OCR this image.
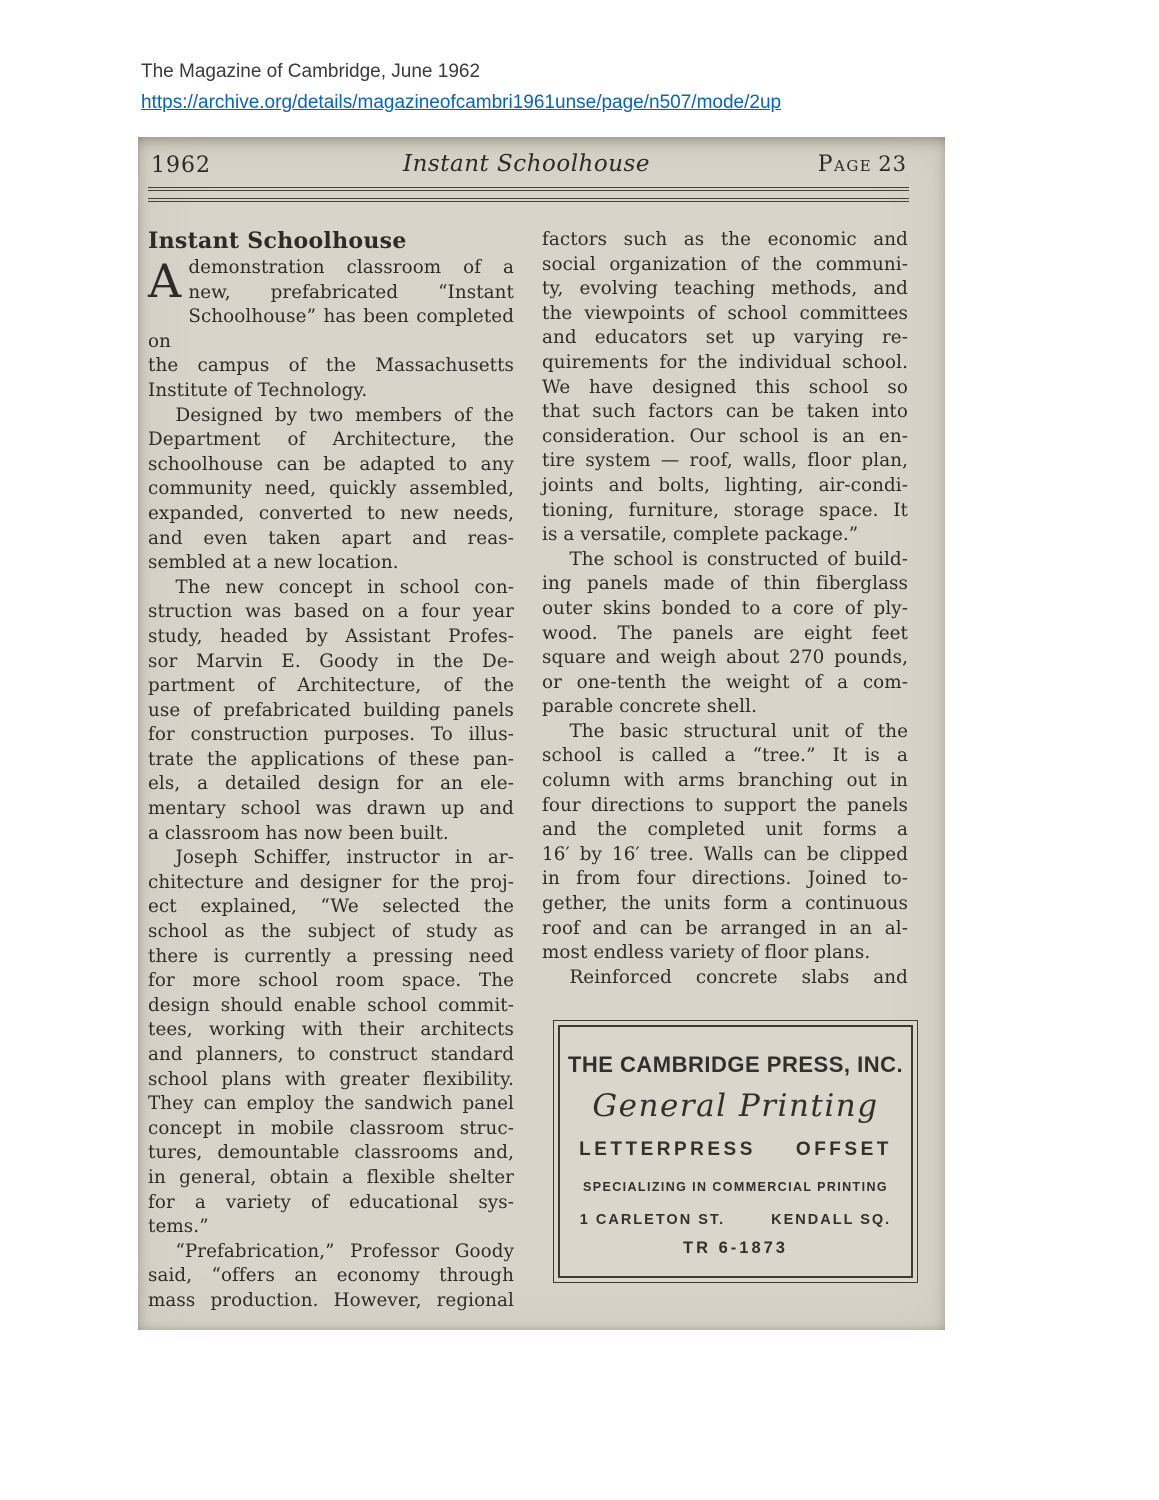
The Magazine of Cambridge, June 1962
https://archive.org/details/magazineofcambri1961unse/page/n507/mode/2up
1962	Instant Schoolhouse	Page 23
Instant Schoolhouse
A demonstration classroom of a
new, prefabricated “Instant
Schoolhouse” has been completed on
the campus of the Massachusetts
Institute of Technology.
Designed by two members of the
Department of Architecture, the
schoolhouse can be adapted to any
community need, quickly assembled,
expanded, converted to new needs,
and even taken apart and reas-
sembled at a new location.
The new concept in school con-
struction was based on a four year
study, headed by Assistant Profes-
sor Marvin E. Goody in the De-
partment of Architecture, of the
use of prefabricated building panels
for construction purposes. To illus-
trate the applications of these pan-
els, a detailed design for an ele-
mentary school was drawn up and
a classroom has now been built.
Joseph Schiffer, instructor in ar-
chitecture and designer for the proj-
ect explained, “We selected the
school as the subject of study as
there is currently a pressing need
for more school room space. The
design should enable school commit-
tees, working with their architects
and planners, to construct standard
school plans with greater flexibility.
They can employ the sandwich panel
concept in mobile classroom struc-
tures, demountable classrooms and,
in general, obtain a flexible shelter
for a variety of educational sys-
tems.”
“Prefabrication,” Professor Goody
said, “offers an economy through
mass production. However, regional
factors such as the economic and
social organization of the communi-
ty, evolving teaching methods, and
the viewpoints of school committees
and educators set up varying re-
quirements for the individual school.
We have designed this school so
that such factors can be taken into
consideration. Our school is an en-
tire system — roof, walls, floor plan,
joints and bolts, lighting, air-condi-
tioning, furniture, storage space. It
is a versatile, complete package.”
The school is constructed of build-
ing panels made of thin fiberglass
outer skins bonded to a core of ply-
wood. The panels are eight feet
square and weigh about 270 pounds,
or one-tenth the weight of a com-
parable concrete shell.
The basic structural unit of the
school is called a “tree.” It is a
column with arms branching out in
four directions to support the panels
and the completed unit forms a
16′ by 16′ tree. Walls can be clipped
in from four directions. Joined to-
gether, the units form a continuous
roof and can be arranged in an al-
most endless variety of floor plans.
Reinforced concrete slabs and
THE CAMBRIDGE PRESS, INC.
General Printing
LETTERPRESS OFFSET
SPECIALIZING IN COMMERCIAL PRINTING
1 CARLETON ST.	KENDALL SQ.
TR 6-1873
